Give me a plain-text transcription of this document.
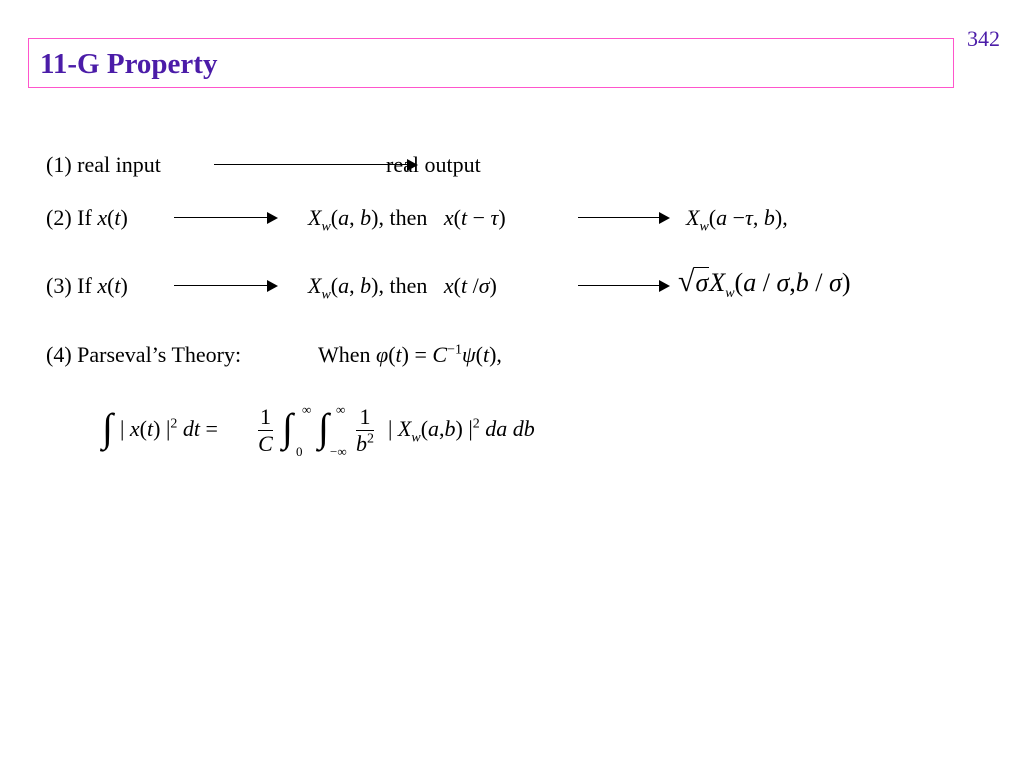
342
11-G Property
(1) real input	real output
(2) If x(t)	$X_w(a$, b), then x(t − τ)	$X_w(a -\tau$, b),
(3) If x(t)	$X_w(a$, b), then x(t /σ)	$√\sigma X_w(a / \sigma,b / \sigma)$
(4) Parseval’s Theory:	When $\varphi(t) = C^{-1}\psi(t)$,
∫ | x(t) $|^2$ dt = $\frac{1}{C}$ ∫
0
∞ ∫
−∞
∞ $\frac{1}{b^2}$ | $X_w(a,b)$ $|^2$ da db
